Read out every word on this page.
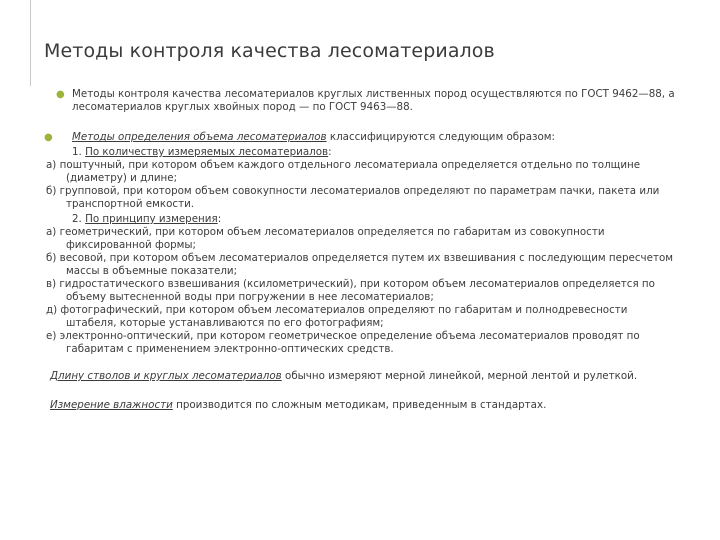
Методы контроля качества лесоматериалов

● Методы контроля качества лесоматериалов круглых лиственных пород осуществляются по ГОСТ 9462—88, а лесоматериалов круглых хвойных пород — по ГОСТ 9463—88.

● Методы определения объема лесоматериалов классифицируются следующим образом:

1. По количеству измеряемых лесоматериалов:

а) поштучный, при котором объем каждого отдельного лесоматериала определяется отдельно по толщине (диаметру) и длине;

б) групповой, при котором объем совокупности лесоматериалов определяют по параметрам пачки, пакета или транспортной емкости.

2. По принципу измерения:

а) геометрический, при котором объем лесоматериалов определяется по габаритам из совокупности фиксированной формы;

б) весовой, при котором объем лесоматериалов определяется путем их взвешивания с последующим пересчетом массы в объемные показатели;

в) гидростатического взвешивания (ксилометрический), при котором объем лесоматериалов определяется по объему вытесненной воды при погружении в нее лесоматериалов;

д) фотографический, при котором объем лесоматериалов определяют по габаритам и полнодревесности штабеля, которые устанавливаются по его фотографиям;

е) электронно-оптический, при котором геометрическое определение объема лесоматериалов проводят по габаритам с применением электронно-оптических средств.

Длину стволов и круглых лесоматериалов обычно измеряют мерной линейкой, мерной лентой и рулеткой.

Измерение влажности производится по сложным методикам, приведенным в стандартах.
